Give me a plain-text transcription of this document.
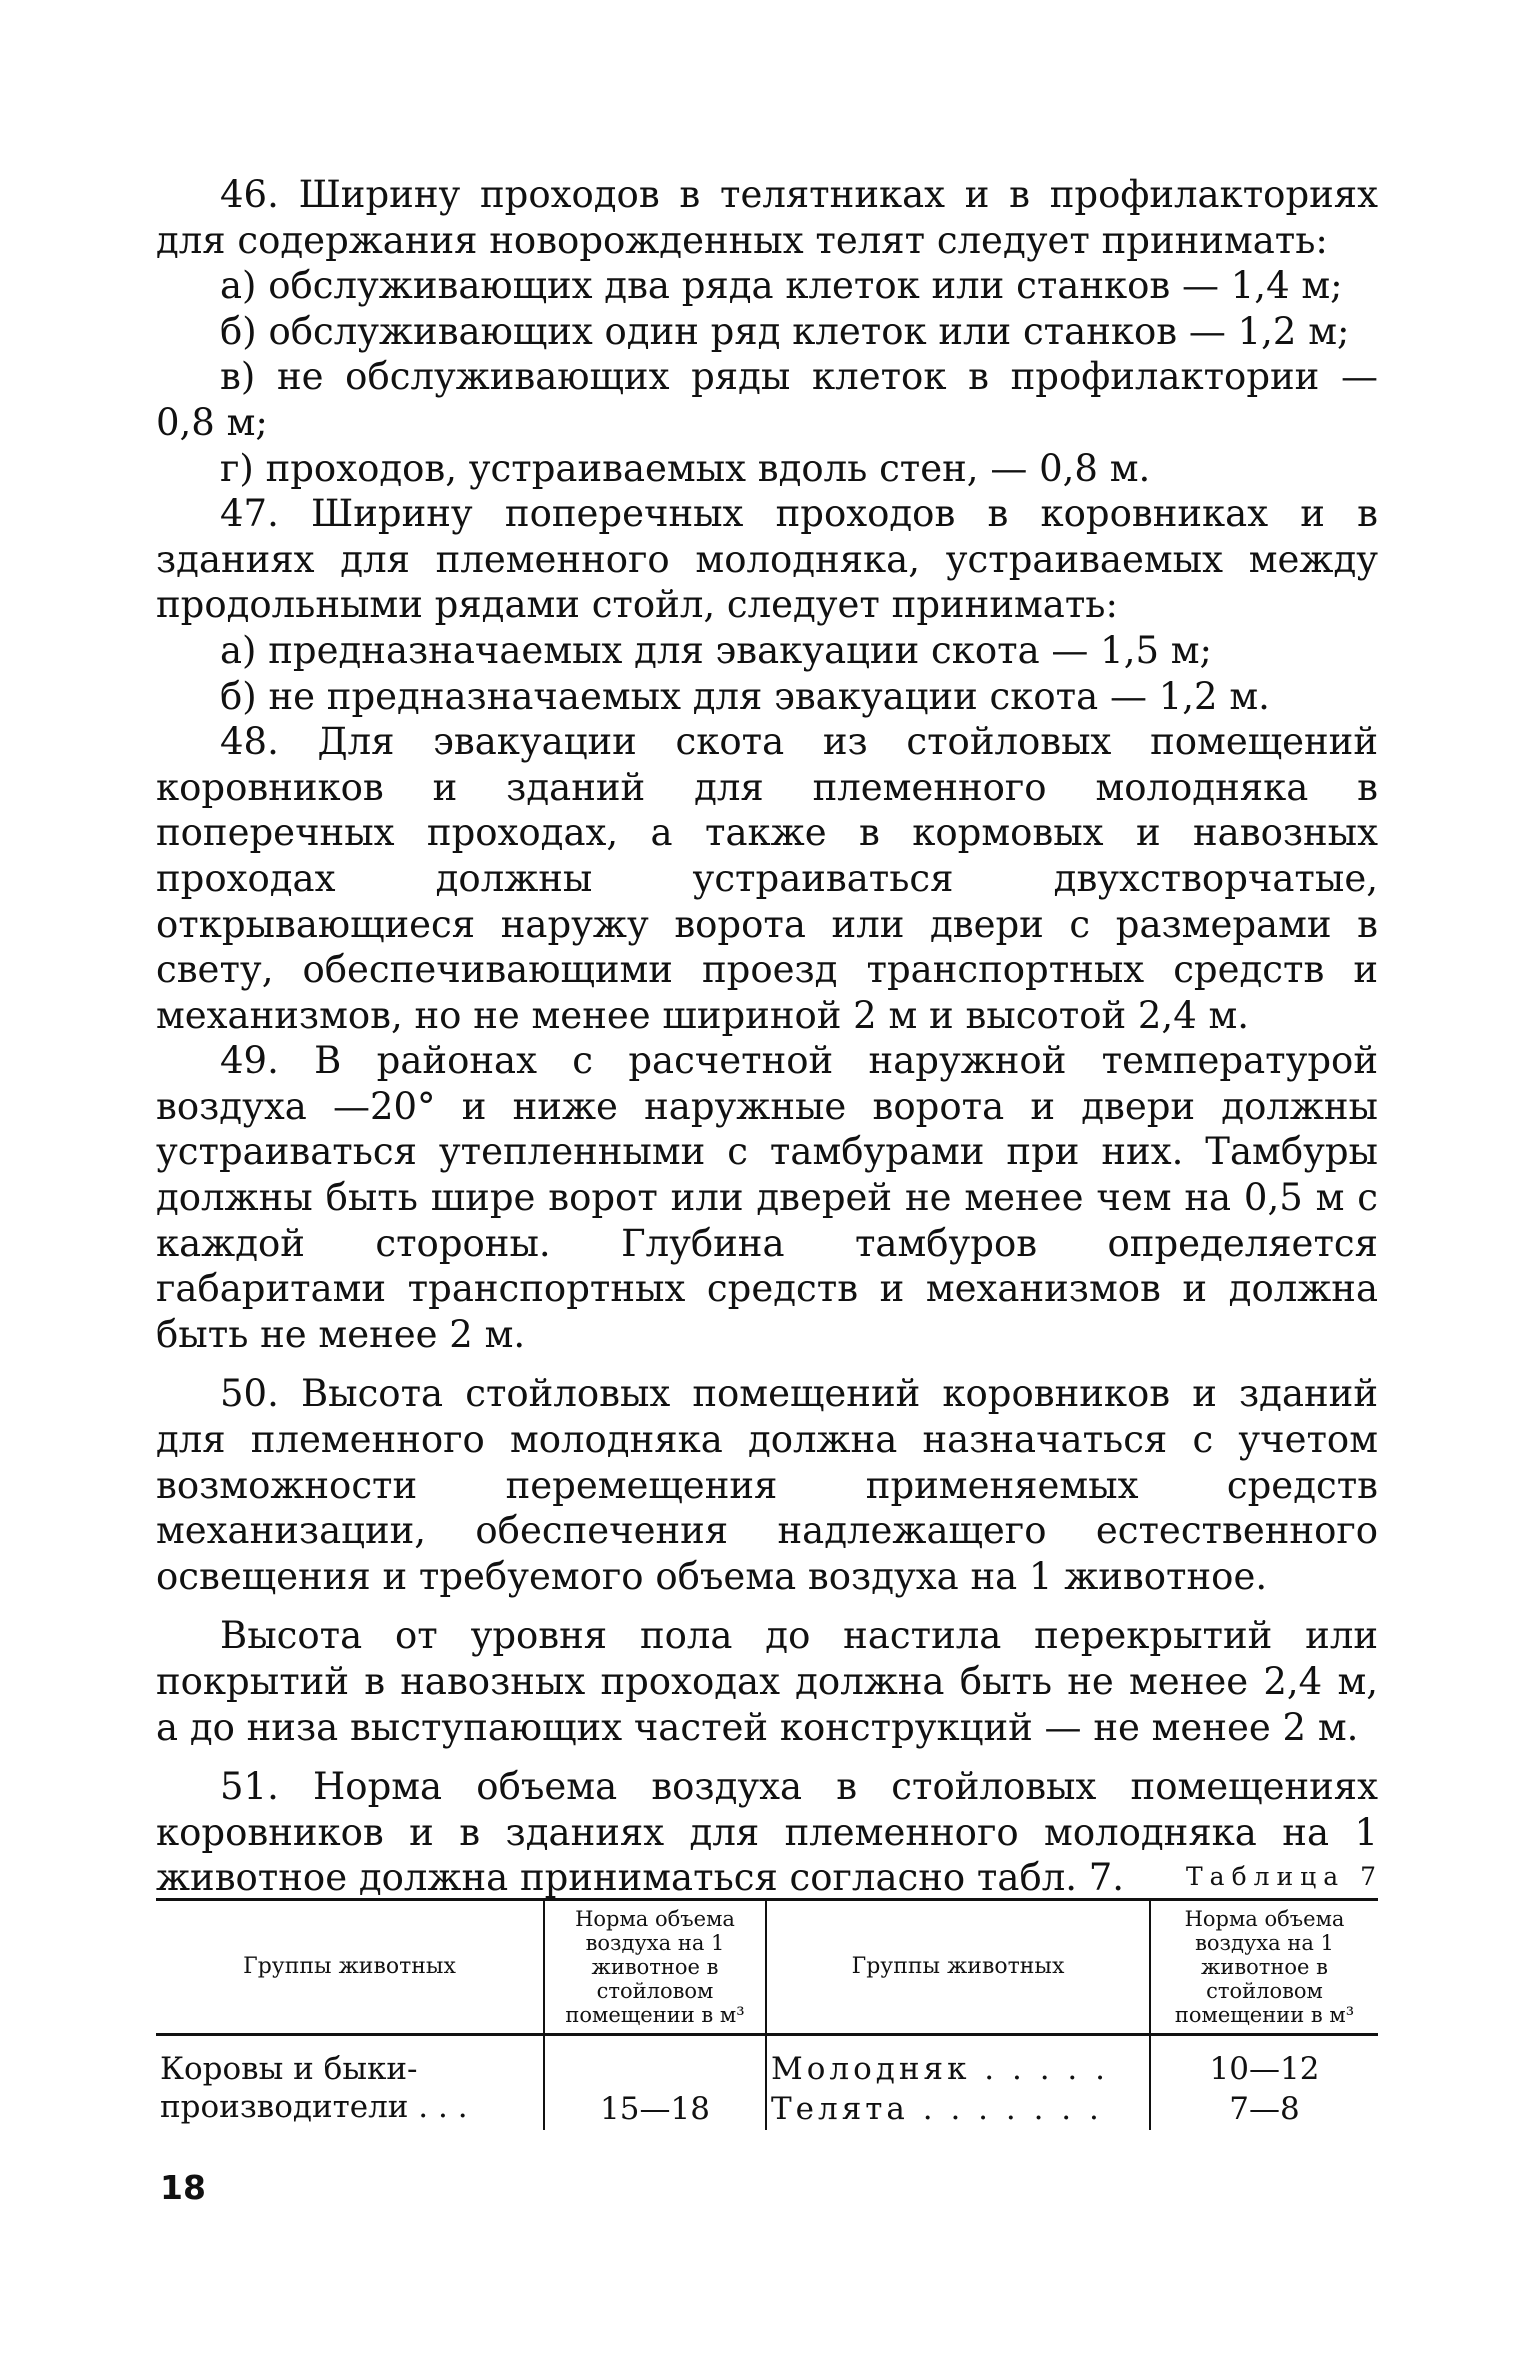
46. Ширину проходов в телятниках и в профилакториях для содержания новорожденных телят следует принимать:

а) обслуживающих два ряда клеток или станков — 1,4 м;

б) обслуживающих один ряд клеток или станков — 1,2 м;

в) не обслуживающих ряды клеток в профилактории — 0,8 м;

г) проходов, устраиваемых вдоль стен, — 0,8 м.

47. Ширину поперечных проходов в коровниках и в зданиях для племенного молодняка, устраиваемых между продольными рядами стойл, следует принимать:

а) предназначаемых для эвакуации скота — 1,5 м;

б) не предназначаемых для эвакуации скота — 1,2 м.

48. Для эвакуации скота из стойловых помещений коровников и зданий для племенного молодняка в поперечных проходах, а также в кормовых и навозных проходах должны устраиваться двухстворчатые, открывающиеся наружу ворота или двери с размерами в свету, обеспечивающими проезд транспортных средств и механизмов, но не менее шириной 2 м и высотой 2,4 м.

49. В районах с расчетной наружной температурой воздуха —20° и ниже наружные ворота и двери должны устраиваться утепленными с тамбурами при них. Тамбуры должны быть шире ворот или дверей не менее чем на 0,5 м с каждой стороны. Глубина тамбуров определяется габаритами транспортных средств и механизмов и должна быть не менее 2 м.

50. Высота стойловых помещений коровников и зданий для племенного молодняка должна назначаться с учетом возможности перемещения применяемых средств механизации, обеспечения надлежащего естественного освещения и требуемого объема воздуха на 1 животное.

Высота от уровня пола до настила перекрытий или покрытий в навозных проходах должна быть не менее 2,4 м, а до низа выступающих частей конструкций — не менее 2 м.

51. Норма объема воздуха в стойловых помещениях коровников и в зданиях для племенного молодняка на 1 животное должна приниматься согласно табл. 7.	Таблица 7
Группы животных	Норма объема воздуха на 1 животное в стойловом помещении в м³	Группы животных	Норма объема воздуха на 1 животное в стойловом помещении в м³
Коровы и быки-производители . . .	15—18	Молодняк . . . . .	10—12
		Телята . . . . . . .	7—8
18
